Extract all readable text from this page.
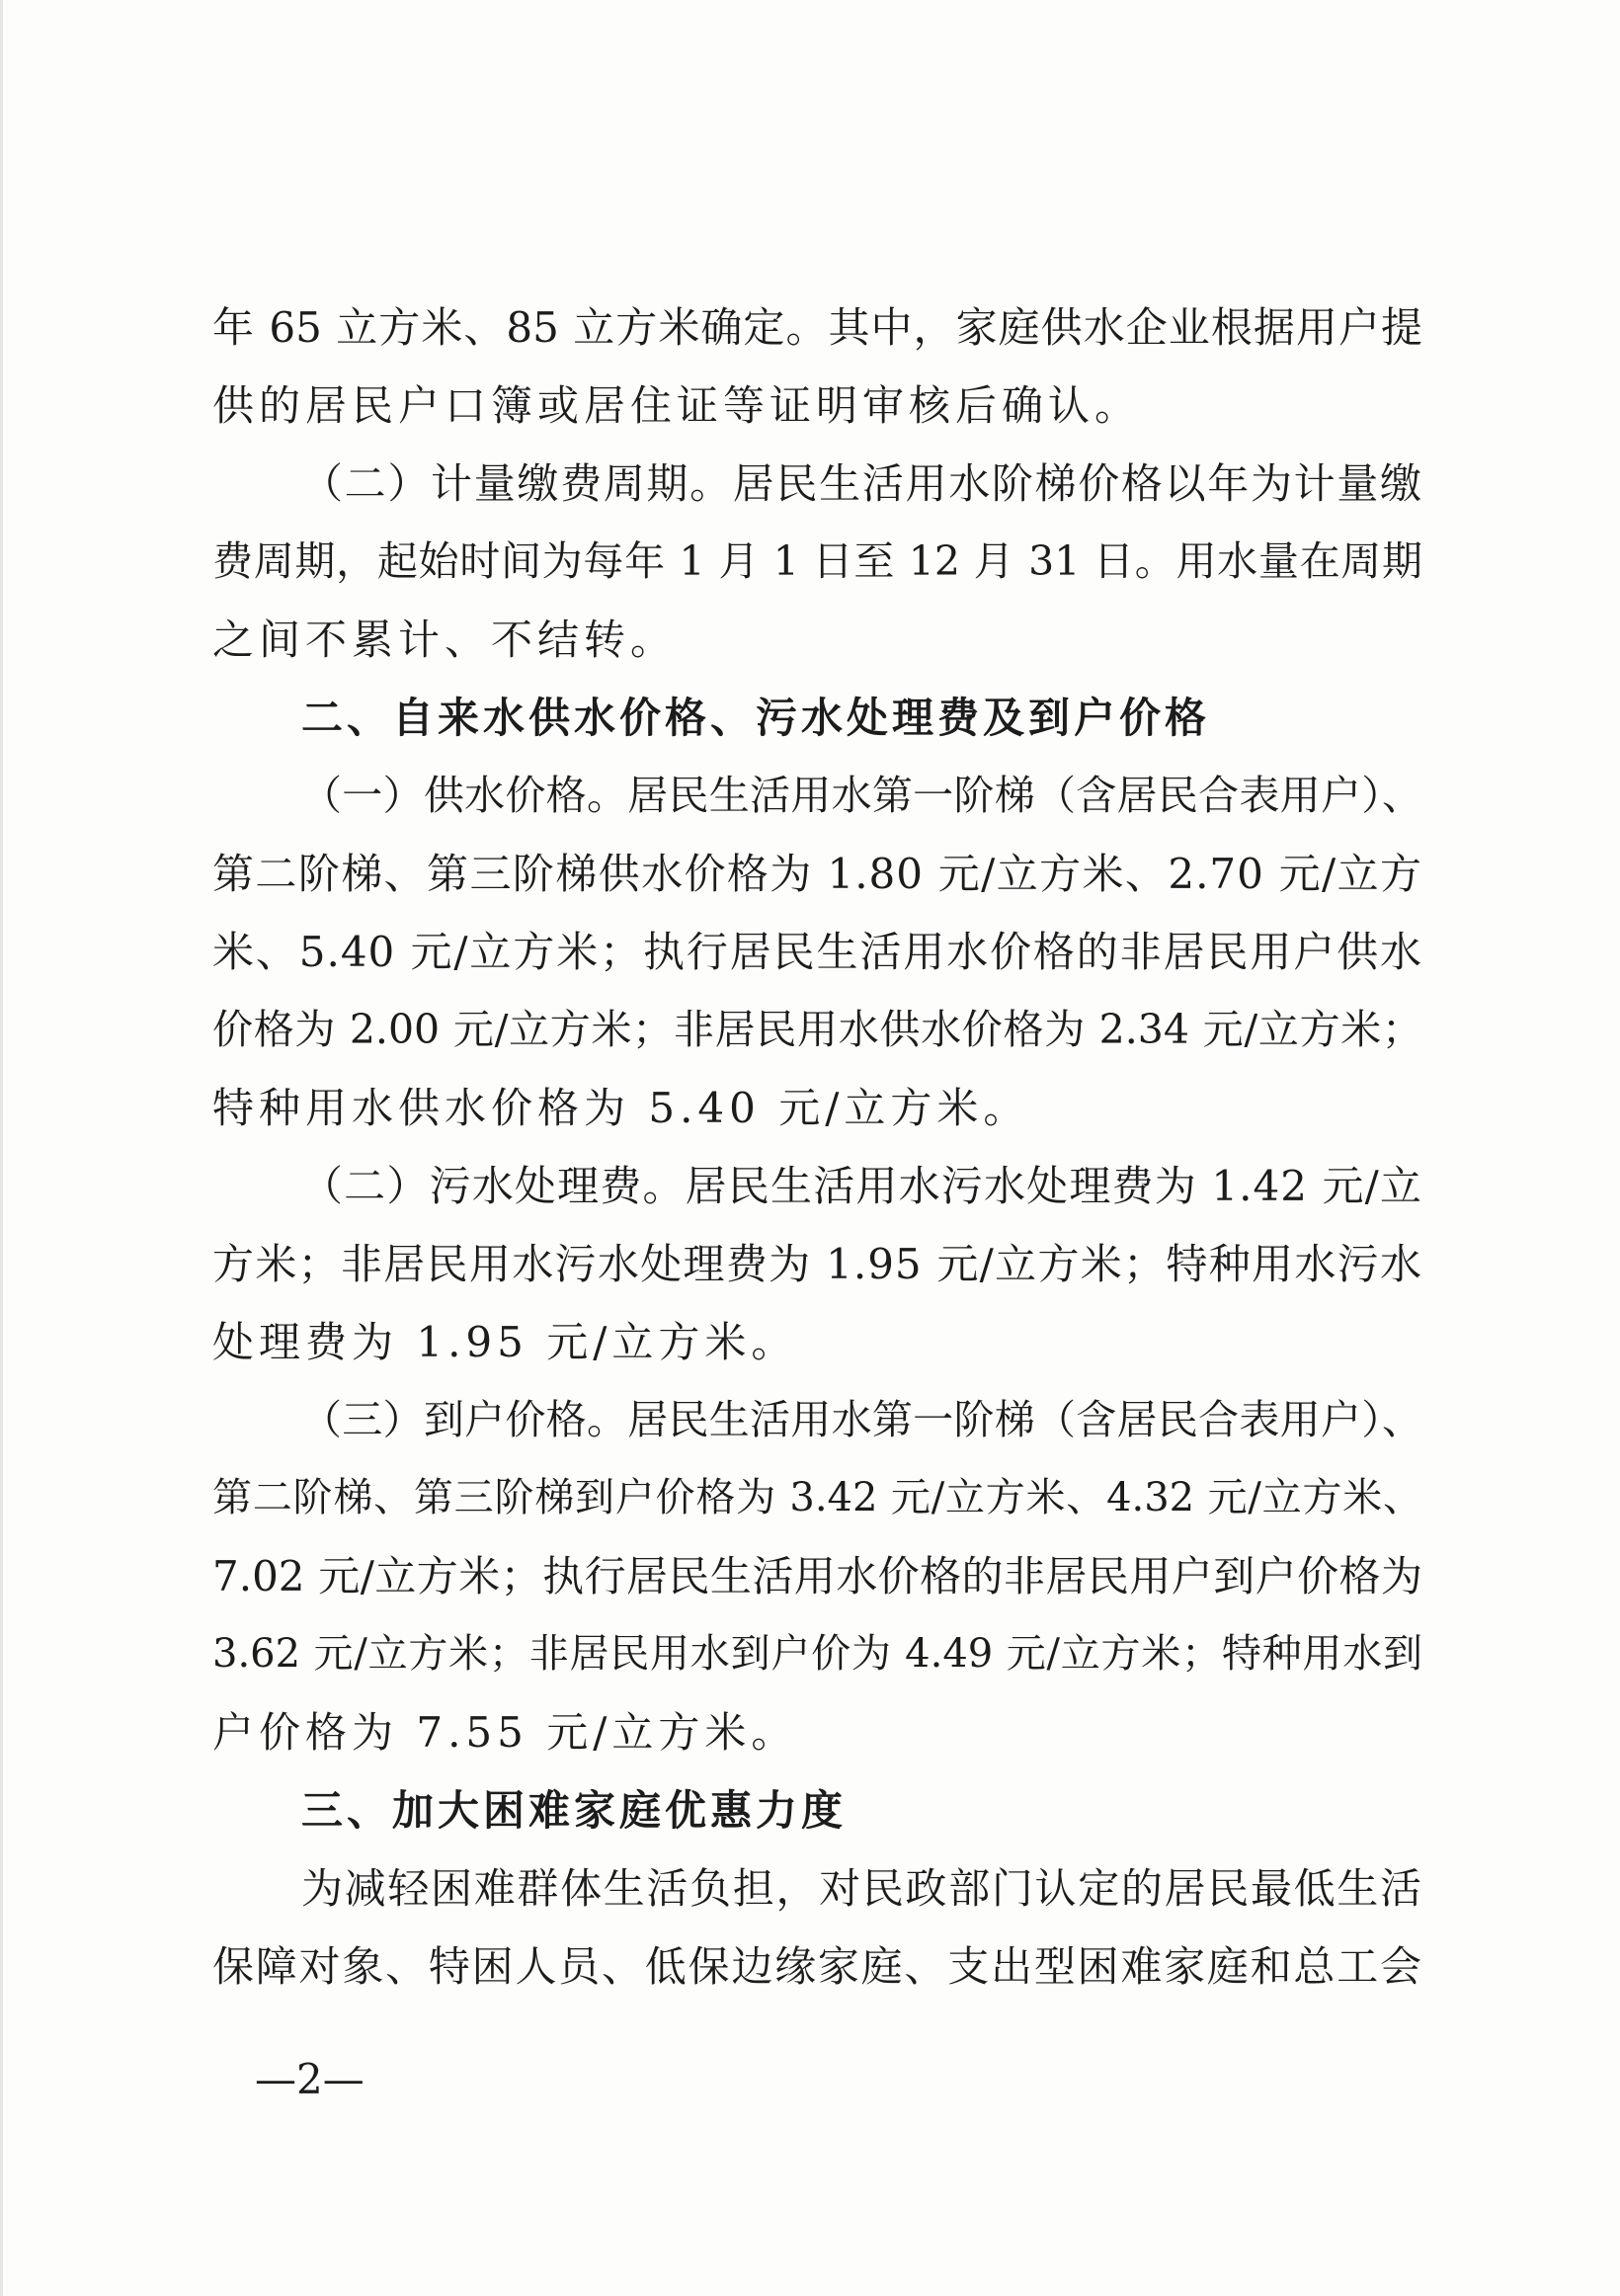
年 65 立方米、85 立方米确定。其中，家庭供水企业根据用户提
供的居民户口簿或居住证等证明审核后确认。
（二）计量缴费周期。居民生活用水阶梯价格以年为计量缴
费周期，起始时间为每年 1 月 1 日至 12 月 31 日。用水量在周期
之间不累计、不结转。
二、自来水供水价格、污水处理费及到户价格
（一）供水价格。居民生活用水第一阶梯（含居民合表用户）、
第二阶梯、第三阶梯供水价格为 1.80 元/立方米、2.70 元/立方
米、5.40 元/立方米；执行居民生活用水价格的非居民用户供水
价格为 2.00 元/立方米；非居民用水供水价格为 2.34 元/立方米；
特种用水供水价格为 5.40 元/立方米。
（二）污水处理费。居民生活用水污水处理费为 1.42 元/立
方米；非居民用水污水处理费为 1.95 元/立方米；特种用水污水
处理费为 1.95 元/立方米。
（三）到户价格。居民生活用水第一阶梯（含居民合表用户）、
第二阶梯、第三阶梯到户价格为 3.42 元/立方米、4.32 元/立方米、
7.02 元/立方米；执行居民生活用水价格的非居民用户到户价格为
3.62 元/立方米；非居民用水到户价为 4.49 元/立方米；特种用水到
户价格为 7.55 元/立方米。
三、加大困难家庭优惠力度
为减轻困难群体生活负担，对民政部门认定的居民最低生活
保障对象、特困人员、低保边缘家庭、支出型困难家庭和总工会
—2—
